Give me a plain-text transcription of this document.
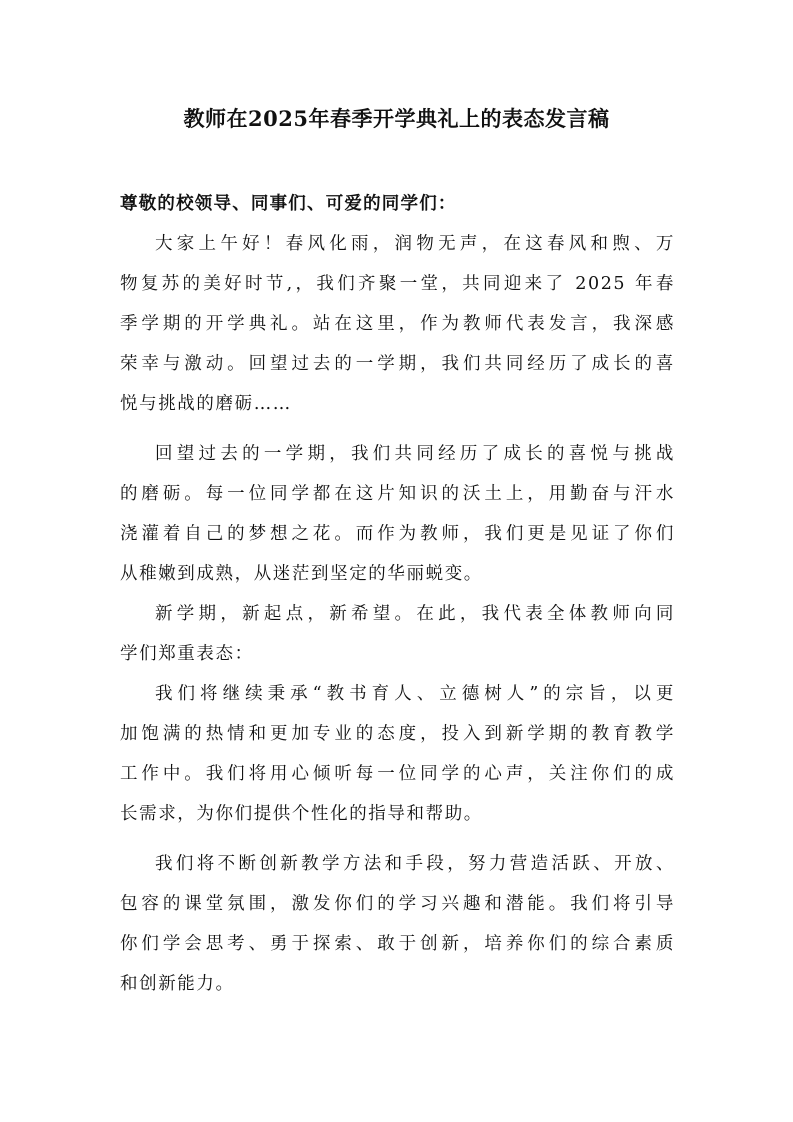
教师在2025年春季开学典礼上的表态发言稿
尊敬的校领导、同事们、可爱的同学们：
大家上午好！春风化雨，润物无声，在这春风和煦、万
物复苏的美好时节,，我们齐聚一堂，共同迎来了 2025 年春
季学期的开学典礼。站在这里，作为教师代表发言，我深感
荣幸与激动。回望过去的一学期，我们共同经历了成长的喜
悦与挑战的磨砺……
回望过去的一学期，我们共同经历了成长的喜悦与挑战
的磨砺。每一位同学都在这片知识的沃土上，用勤奋与汗水
浇灌着自己的梦想之花。而作为教师，我们更是见证了你们
从稚嫩到成熟，从迷茫到坚定的华丽蜕变。
新学期，新起点，新希望。在此，我代表全体教师向同
学们郑重表态：
我们将继续秉承“教书育人、立德树人”的宗旨，以更
加饱满的热情和更加专业的态度，投入到新学期的教育教学
工作中。我们将用心倾听每一位同学的心声，关注你们的成
长需求，为你们提供个性化的指导和帮助。
我们将不断创新教学方法和手段，努力营造活跃、开放、
包容的课堂氛围，激发你们的学习兴趣和潜能。我们将引导
你们学会思考、勇于探索、敢于创新，培养你们的综合素质
和创新能力。
